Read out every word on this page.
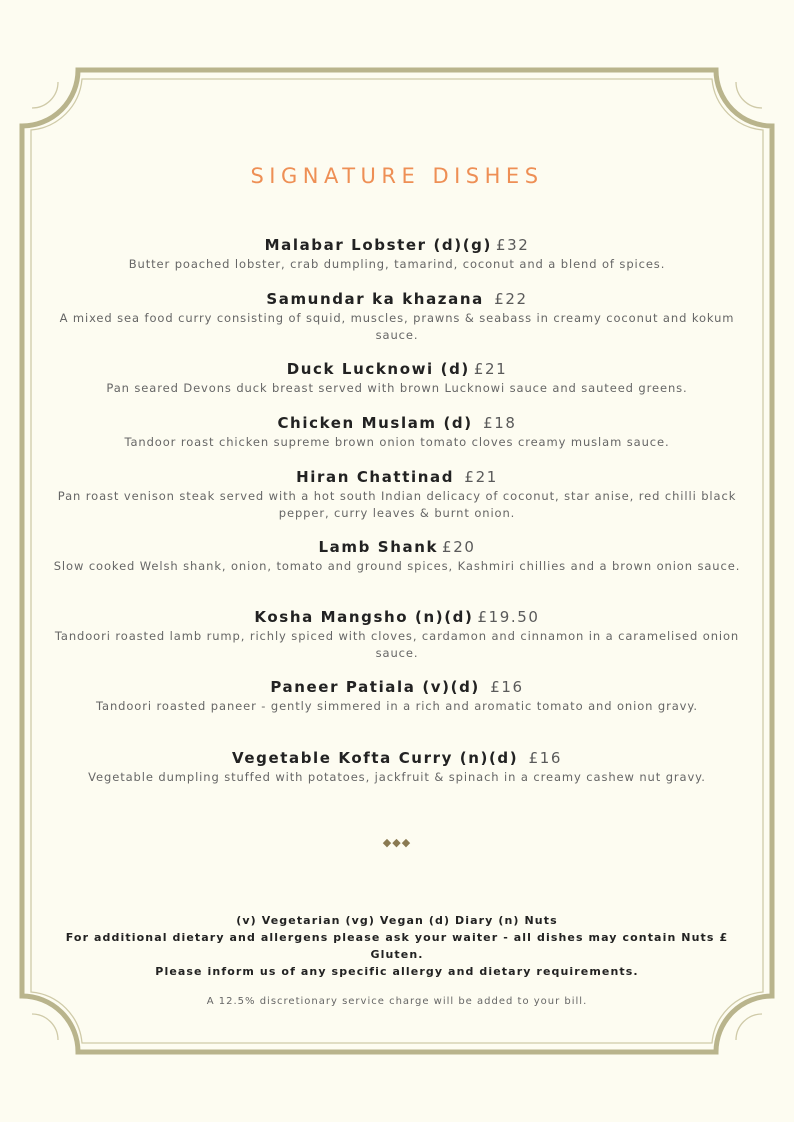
SIGNATURE DISHES
Malabar Lobster (d)(g) £32
Butter poached lobster, crab dumpling, tamarind, coconut and a blend of spices.
Samundar ka khazana £22
A mixed sea food curry consisting of squid, muscles, prawns & seabass in creamy coconut and kokum sauce.
Duck Lucknowi (d) £21
Pan seared Devons duck breast served with brown Lucknowi sauce and sauteed greens.
Chicken Muslam (d) £18
Tandoor roast chicken supreme brown onion tomato cloves creamy muslam sauce.
Hiran Chattinad £21
Pan roast venison steak served with a hot south Indian delicacy of coconut, star anise, red chilli black pepper, curry leaves & burnt onion.
Lamb Shank £20
Slow cooked Welsh shank, onion, tomato and ground spices, Kashmiri chillies and a brown onion sauce.
Kosha Mangsho (n)(d) £19.50
Tandoori roasted lamb rump, richly spiced with cloves, cardamon and cinnamon in a caramelised onion sauce.
Paneer Patiala (v)(d) £16
Tandoori roasted paneer - gently simmered in a rich and aromatic tomato and onion gravy.
Vegetable Kofta Curry (n)(d) £16
Vegetable dumpling stuffed with potatoes, jackfruit & spinach in a creamy cashew nut gravy.
◆◆◆
(v) Vegetarian (vg) Vegan (d) Diary (n) Nuts
For additional dietary and allergens please ask your waiter - all dishes may contain Nuts £ Gluten.
Please inform us of any specific allergy and dietary requirements.
A 12.5% discretionary service charge will be added to your bill.
